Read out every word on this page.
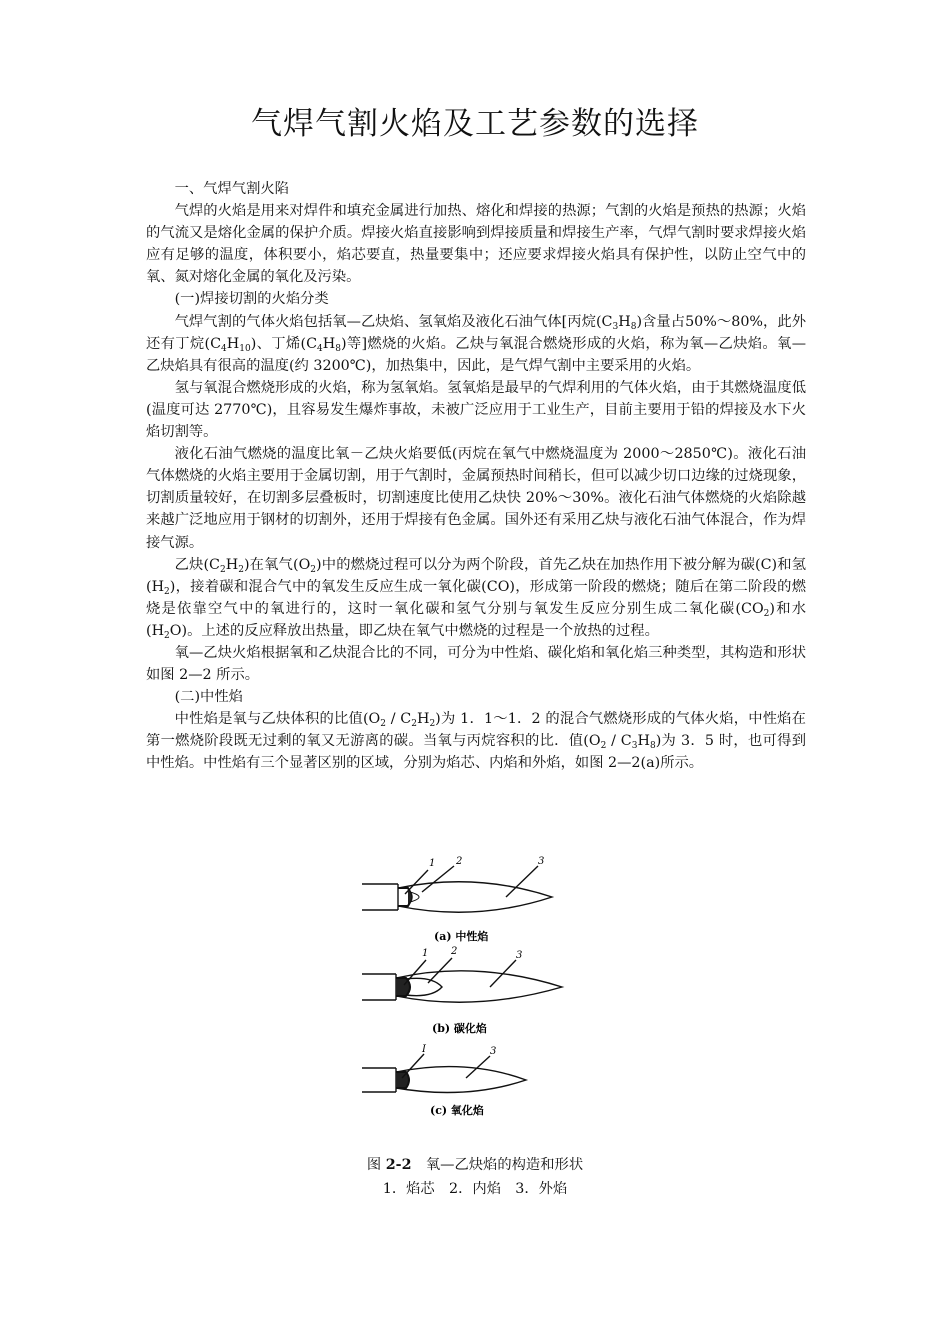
气焊气割火焰及工艺参数的选择

一、气焊气割火陷

气焊的火焰是用来对焊件和填充金属进行加热、熔化和焊接的热源；气割的火焰是预热的热源；火焰的气流又是熔化金属的保护介质。焊接火焰直接影响到焊接质量和焊接生产率，气焊气割时要求焊接火焰应有足够的温度，体积要小，焰芯要直，热量要集中；还应要求焊接火焰具有保护性，以防止空气中的氧、氮对熔化金属的氧化及污染。

(一)焊接切割的火焰分类

气焊气割的气体火焰包括氧—乙炔焰、氢氧焰及液化石油气体[丙烷$(C_3H_8)$含量占50%～80%，此外还有丁烷$(C_4H_{10})$、丁烯$(C_4H_8)$等]燃烧的火焰。乙炔与氧混合燃烧形成的火焰，称为氧—乙炔焰。氧—乙炔焰具有很高的温度(约 3200℃)，加热集中，因此，是气焊气割中主要采用的火焰。

氢与氧混合燃烧形成的火焰，称为氢氧焰。氢氧焰是最早的气焊利用的气体火焰，由于其燃烧温度低(温度可达 2770℃)，且容易发生爆炸事故，未被广泛应用于工业生产，目前主要用于铅的焊接及水下火焰切割等。

液化石油气燃烧的温度比氧－乙炔火焰要低(丙烷在氧气中燃烧温度为 2000～2850℃)。液化石油气体燃烧的火焰主要用于金属切割，用于气割时，金属预热时间稍长，但可以减少切口边缘的过烧现象，切割质量较好，在切割多层叠板时，切割速度比使用乙炔快 20%～30%。液化石油气体燃烧的火焰除越来越广泛地应用于钢材的切割外，还用于焊接有色金属。国外还有采用乙炔与液化石油气体混合，作为焊接气源。

乙炔$(C_2H_2)$在氧气$(O_2)$中的燃烧过程可以分为两个阶段，首先乙炔在加热作用下被分解为碳(C)和氢$(H_2)$，接着碳和混合气中的氧发生反应生成一氧化碳(CO)，形成第一阶段的燃烧；随后在第二阶段的燃烧是依靠空气中的氧进行的，这时一氧化碳和氢气分别与氧发生反应分别生成二氧化碳$(CO_2)$和水$(H_2O)$。上述的反应释放出热量，即乙炔在氧气中燃烧的过程是一个放热的过程。

氧—乙炔火焰根据氧和乙炔混合比的不同，可分为中性焰、碳化焰和氧化焰三种类型，其构造和形状如图 2—2 所示。

(二)中性焰

中性焰是氧与乙炔体积的比值$(O_2 / C_2H_2)$为 1．1～1．2 的混合气燃烧形成的气体火焰，中性焰在第一燃烧阶段既无过剩的氧又无游离的碳。当氧与丙烷容积的比．值$(O_2 / C_3H_8)$为 3．5 时，也可得到中性焰。中性焰有三个显著区别的区域，分别为焰芯、内焰和外焰，如图 2—2(a)所示。

1 2	3
(a) 中性焰
1 2	3
(b) 碳化焰
I	3
(c) 氧化焰
图 2-2　氧—乙炔焰的构造和形状
1．焰芯　2．内焰　3．外焰
